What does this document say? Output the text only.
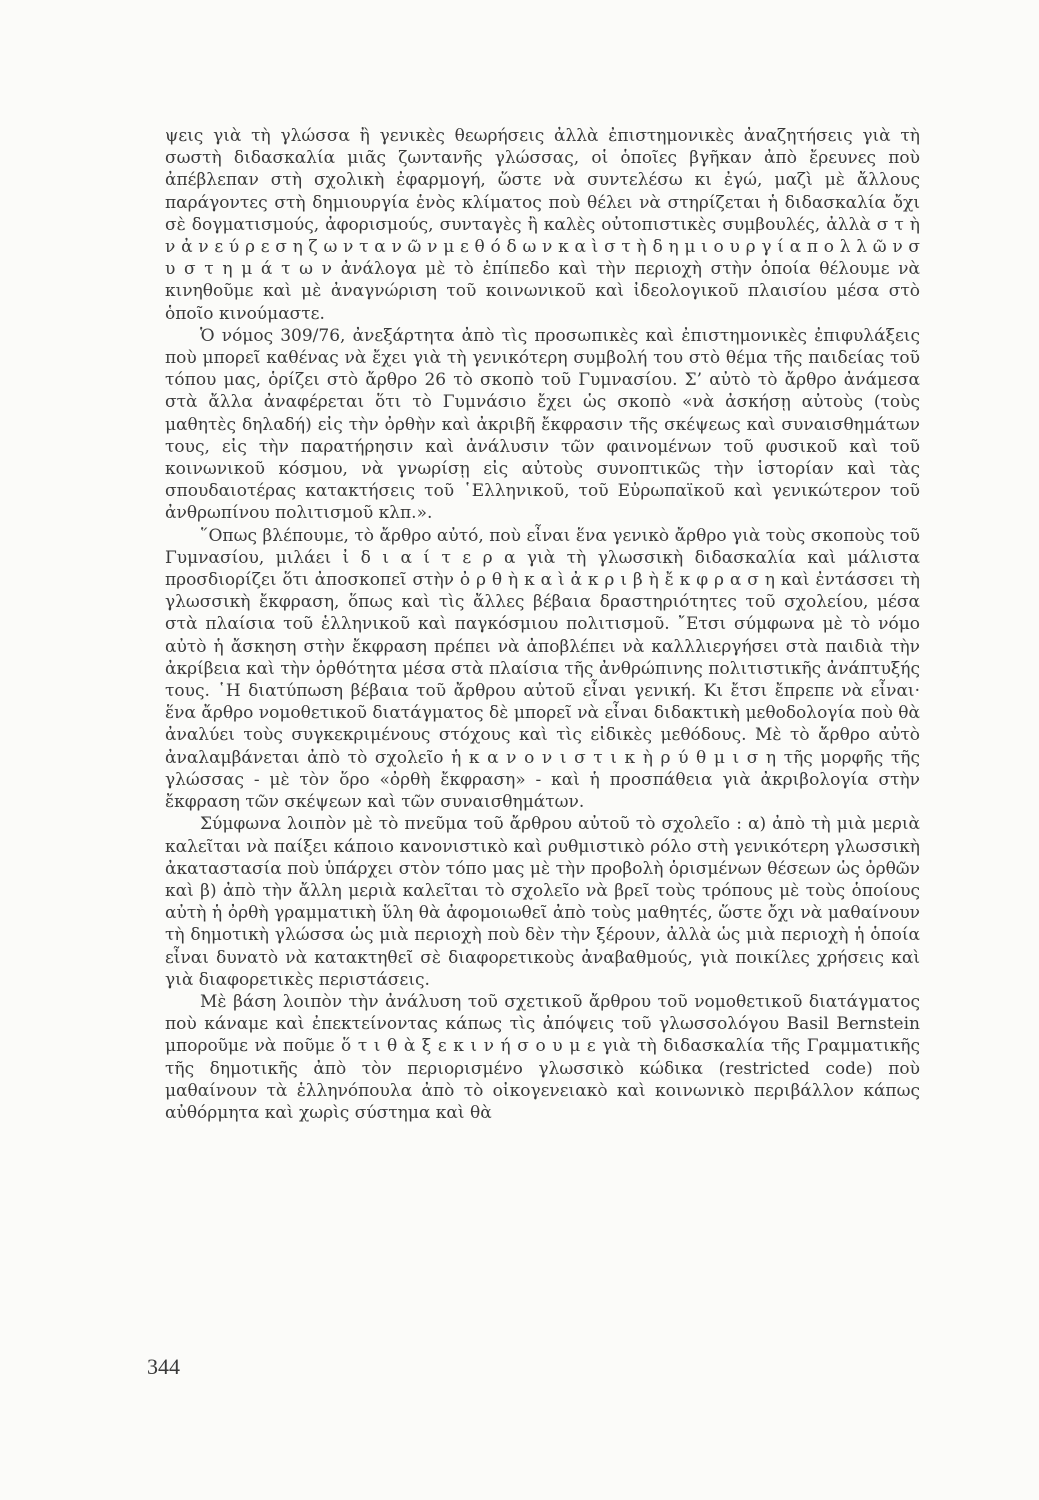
ψεις γιὰ τὴ γλώσσα ἢ γενικὲς θεωρήσεις ἀλλὰ ἐπιστημονικὲς ἀναζητήσεις γιὰ τὴ σωστὴ διδασκαλία μιᾶς ζωντανῆς γλώσσας, οἱ ὁποῖες βγῆκαν ἀπὸ ἔρευνες ποὺ ἀπέβλεπαν στὴ σχολικὴ ἐφαρμογή, ὥστε νὰ συντελέσω κι ἐγώ, μαζὶ μὲ ἄλλους παράγοντες στὴ δημιουργία ἑνὸς κλίματος ποὺ θέλει νὰ στηρίζεται ἡ διδασκαλία ὄχι σὲ δογματισμούς, ἀφορισμούς, συνταγὲς ἢ καλὲς οὐτοπιστικὲς συμβουλές, ἀλλὰ σ τ ὴ ν ἀ ν ε ύ ρ ε σ η ζ ω ν τ α ν ῶ ν μ ε θ ό δ ω ν κ α ὶ σ τ ὴ δ η μ ι ο υ ρ γ ί α π ο λ λ ῶ ν σ υ σ τ η μ ά τ ω ν ἀνάλογα μὲ τὸ ἐπίπεδο καὶ τὴν περιοχὴ στὴν ὁποία θέλουμε νὰ κινηθοῦμε καὶ μὲ ἀναγνώριση τοῦ κοινωνικοῦ καὶ ἰδεολογικοῦ πλαισίου μέσα στὸ ὁποῖο κινούμαστε.

Ὁ νόμος 309/76, ἀνεξάρτητα ἀπὸ τὶς προσωπικὲς καὶ ἐπιστημονικὲς ἐπιφυλάξεις ποὺ μπορεῖ καθένας νὰ ἔχει γιὰ τὴ γενικότερη συμβολή του στὸ θέμα τῆς παιδείας τοῦ τόπου μας, ὁρίζει στὸ ἄρθρο 26 τὸ σκοπὸ τοῦ Γυμνασίου. Σ’ αὐτὸ τὸ ἄρθρο ἀνάμεσα στὰ ἄλλα ἀναφέρεται ὅτι τὸ Γυμνάσιο ἔχει ὡς σκοπὸ «νὰ ἀσκήσῃ αὐτοὺς (τοὺς μαθητὲς δηλαδή) εἰς τὴν ὀρθὴν καὶ ἀκριβῆ ἔκφρασιν τῆς σκέψεως καὶ συναισθημάτων τους, εἰς τὴν παρατήρησιν καὶ ἀνάλυσιν τῶν φαινομένων τοῦ φυσικοῦ καὶ τοῦ κοινωνικοῦ κόσμου, νὰ γνωρίσῃ εἰς αὐτοὺς συνοπτικῶς τὴν ἱστορίαν καὶ τὰς σπουδαιοτέρας κατακτήσεις τοῦ ῾Ελληνικοῦ, τοῦ Εὐρωπαϊκοῦ καὶ γενικώτερον τοῦ ἀνθρωπίνου πολιτισμοῦ κλπ.».

῞Οπως βλέπουμε, τὸ ἄρθρο αὐτό, ποὺ εἶναι ἕνα γενικὸ ἄρθρο γιὰ τοὺς σκοποὺς τοῦ Γυμνασίου, μιλάει ἰ δ ι α ί τ ε ρ α γιὰ τὴ γλωσσικὴ διδασκαλία καὶ μάλιστα προσδιορίζει ὅτι ἀποσκοπεῖ στὴν ὀ ρ θ ὴ κ α ὶ ἀ κ ρ ι β ὴ ἔ κ φ ρ α σ η καὶ ἐντάσσει τὴ γλωσσικὴ ἔκφραση, ὅπως καὶ τὶς ἄλλες βέβαια δραστηριότητες τοῦ σχολείου, μέσα στὰ πλαίσια τοῦ ἑλληνικοῦ καὶ παγκόσμιου πολιτισμοῦ. ῎Ετσι σύμφωνα μὲ τὸ νόμο αὐτὸ ἡ ἄσκηση στὴν ἔκφραση πρέπει νὰ ἀποβλέπει νὰ καλλλιεργήσει στὰ παιδιὰ τὴν ἀκρίβεια καὶ τὴν ὀρθότητα μέσα στὰ πλαίσια τῆς ἀνθρώπινης πολιτιστικῆς ἀνάπτυξής τους. ῾Η διατύπωση βέβαια τοῦ ἄρθρου αὐτοῦ εἶναι γενική. Κι ἔτσι ἔπρεπε νὰ εἶναι· ἕνα ἄρθρο νομοθετικοῦ διατάγματος δὲ μπορεῖ νὰ εἶναι διδακτικὴ μεθοδολογία ποὺ θὰ ἀναλύει τοὺς συγκεκριμένους στόχους καὶ τὶς εἰδικὲς μεθόδους. Μὲ τὸ ἄρθρο αὐτὸ ἀναλαμβάνεται ἀπὸ τὸ σχολεῖο ἡ κ α ν ο ν ι σ τ ι κ ὴ ρ ύ θ μ ι σ η τῆς μορφῆς τῆς γλώσσας - μὲ τὸν ὅρο «ὀρθὴ ἔκφραση» - καὶ ἡ προσπάθεια γιὰ ἀκριβολογία στὴν ἔκφραση τῶν σκέψεων καὶ τῶν συναισθημάτων.

Σύμφωνα λοιπὸν μὲ τὸ πνεῦμα τοῦ ἄρθρου αὐτοῦ τὸ σχολεῖο : α) ἀπὸ τὴ μιὰ μεριὰ καλεῖται νὰ παίξει κάποιο κανονιστικὸ καὶ ρυθμιστικὸ ρόλο στὴ γενικότερη γλωσσικὴ ἀκαταστασία ποὺ ὑπάρχει στὸν τόπο μας μὲ τὴν προβολὴ ὁρισμένων θέσεων ὡς ὀρθῶν καὶ β) ἀπὸ τὴν ἄλλη μεριὰ καλεῖται τὸ σχολεῖο νὰ βρεῖ τοὺς τρόπους μὲ τοὺς ὁποίους αὐτὴ ἡ ὀρθὴ γραμματικὴ ὕλη θὰ ἀφομοιωθεῖ ἀπὸ τοὺς μαθητές, ὥστε ὄχι νὰ μαθαίνουν τὴ δημοτικὴ γλώσσα ὡς μιὰ περιοχὴ ποὺ δὲν τὴν ξέρουν, ἀλλὰ ὡς μιὰ περιοχὴ ἡ ὁποία εἶναι δυνατὸ νὰ κατακτηθεῖ σὲ διαφορετικοὺς ἀναβαθμούς, γιὰ ποικίλες χρήσεις καὶ γιὰ διαφορετικὲς περιστάσεις.

Μὲ βάση λοιπὸν τὴν ἀνάλυση τοῦ σχετικοῦ ἄρθρου τοῦ νομοθετικοῦ διατάγματος ποὺ κάναμε καὶ ἐπεκτείνοντας κάπως τὶς ἀπόψεις τοῦ γλωσσολόγου Basil Bernstein μποροῦμε νὰ ποῦμε ὅ τ ι θ ὰ ξ ε κ ι ν ή σ ο υ μ ε γιὰ τὴ διδασκαλία τῆς Γραμματικῆς τῆς δημοτικῆς ἀπὸ τὸν περιορισμένο γλωσσικὸ κώδικα (restricted code) ποὺ μαθαίνουν τὰ ἑλληνόπουλα ἀπὸ τὸ οἰκογενειακὸ καὶ κοινωνικὸ περιβάλλον κάπως αὐθόρμητα καὶ χωρὶς σύστημα καὶ θὰ

344
